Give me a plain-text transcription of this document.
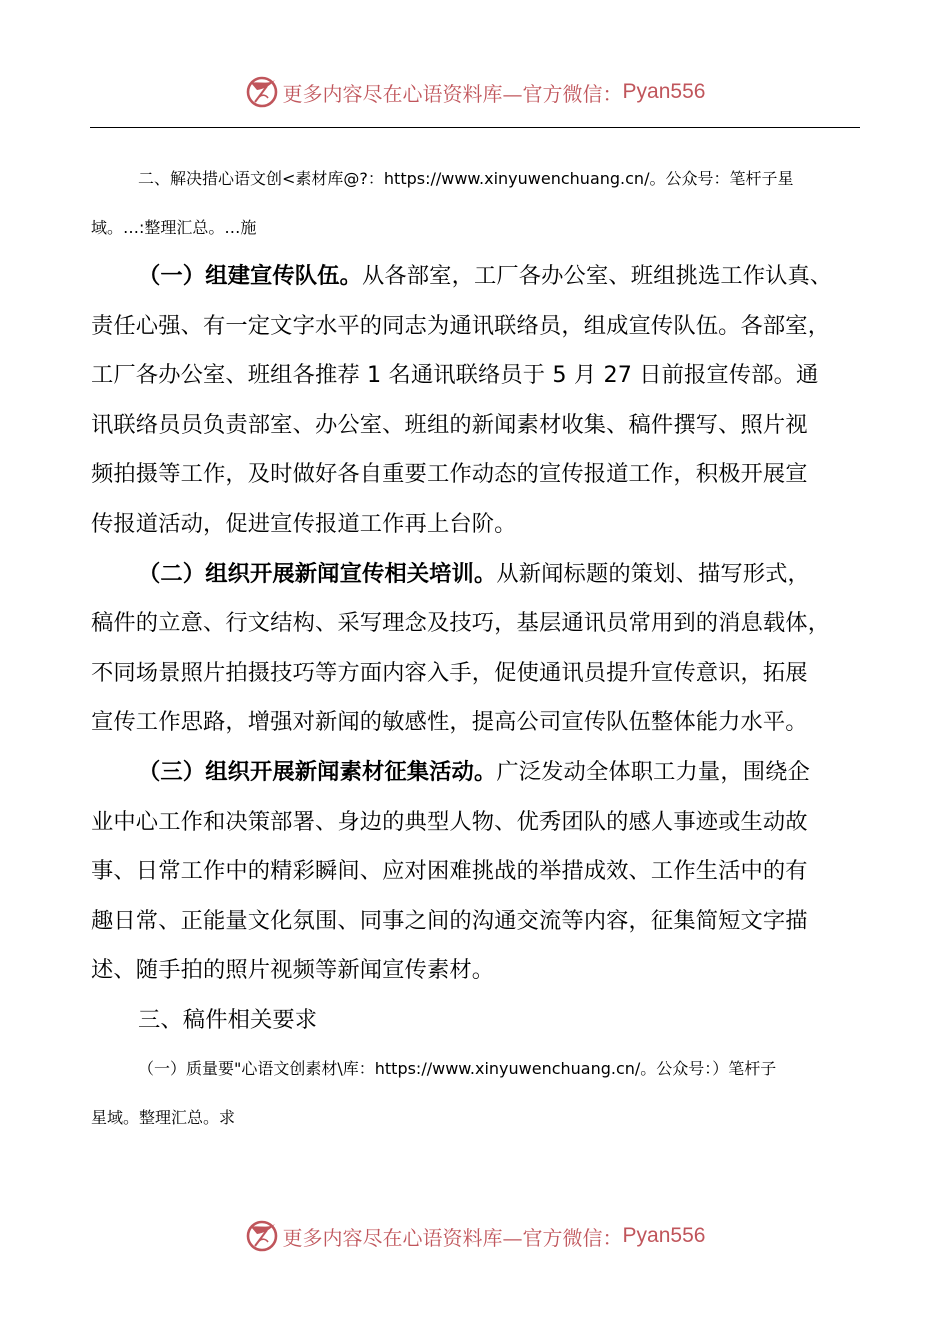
更多内容尽在心语资料库—官方微信： Pyan556

二、解决措心语文创<素材库@?：https://www.xinyuwenchuang.cn/。公众号：笔杆子星

域。…:整理汇总。…施

（一）组建宣传队伍。从各部室，工厂各办公室、班组挑选工作认真、

责任心强、有一定文字水平的同志为通讯联络员，组成宣传队伍。各部室，

工厂各办公室、班组各推荐 1 名通讯联络员于 5 月 27 日前报宣传部。通

讯联络员员负责部室、办公室、班组的新闻素材收集、稿件撰写、照片视

频拍摄等工作，及时做好各自重要工作动态的宣传报道工作，积极开展宣

传报道活动，促进宣传报道工作再上台阶。

（二）组织开展新闻宣传相关培训。从新闻标题的策划、描写形式，

稿件的立意、行文结构、采写理念及技巧，基层通讯员常用到的消息载体，

不同场景照片拍摄技巧等方面内容入手，促使通讯员提升宣传意识，拓展

宣传工作思路，增强对新闻的敏感性，提高公司宣传队伍整体能力水平。

（三）组织开展新闻素材征集活动。广泛发动全体职工力量，围绕企

业中心工作和决策部署、身边的典型人物、优秀团队的感人事迹或生动故

事、日常工作中的精彩瞬间、应对困难挑战的举措成效、工作生活中的有

趣日常、正能量文化氛围、同事之间的沟通交流等内容，征集简短文字描

述、随手拍的照片视频等新闻宣传素材。

三、稿件相关要求

（一）质量要"心语文创素材\库：https://www.xinyuwenchuang.cn/。公众号：）笔杆子

星域。整理汇总。求

更多内容尽在心语资料库—官方微信： Pyan556
